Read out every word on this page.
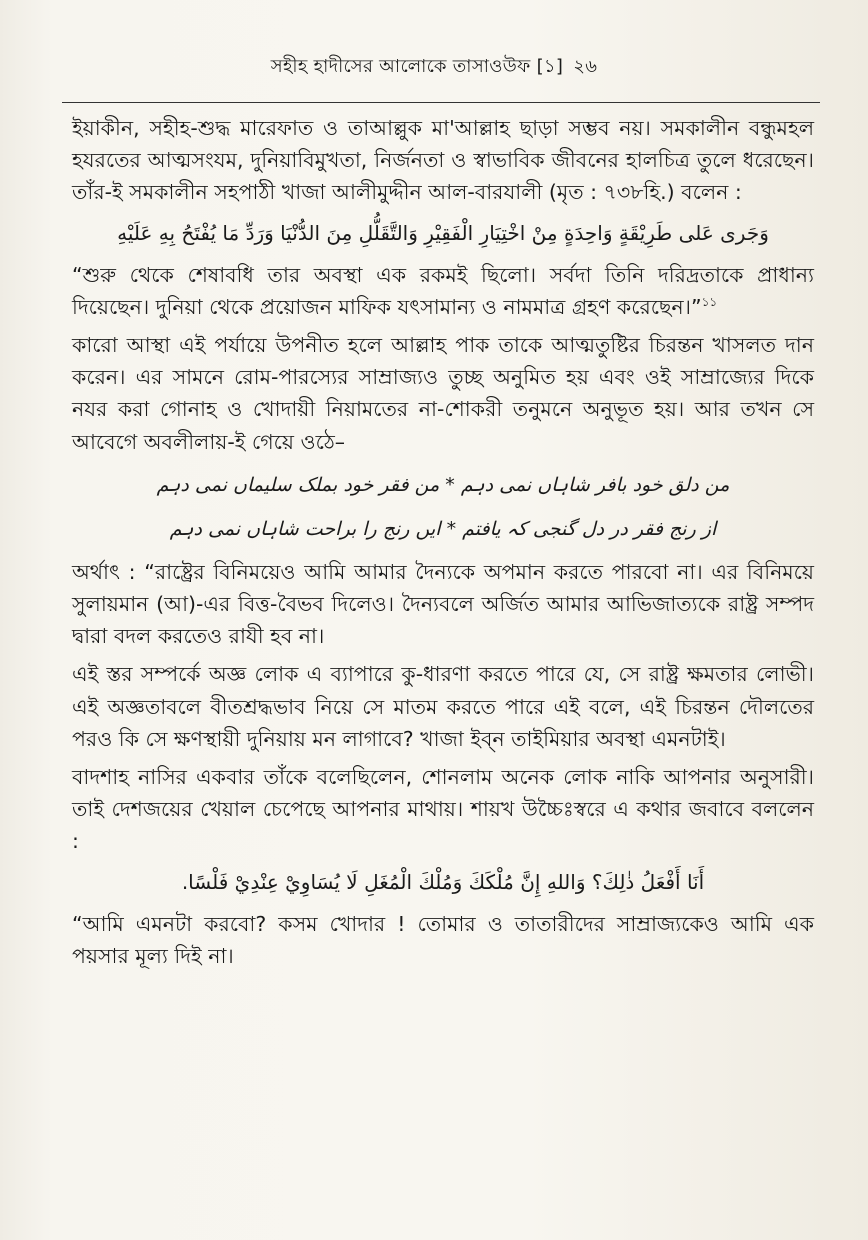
সহীহ হাদীসের আলোকে তাসাওউফ [১] ২৬

ইয়াকীন, সহীহ-শুদ্ধ মারেফাত ও তাআল্লুক মা'আল্লাহ ছাড়া সম্ভব নয়। সমকালীন বন্ধুমহল হযরতের আত্মসংযম, দুনিয়াবিমুখতা, নির্জনতা ও স্বাভাবিক জীবনের হালচিত্র তুলে ধরেছেন। তাঁর-ই সমকালীন সহপাঠী খাজা আলীমুদ্দীন আল-বারযালী (মৃত : ৭৩৮হি.) বলেন :

وَجَرى عَلى طَرِيْقَةٍ وَاحِدَةٍ مِنْ اخْتِيَارِ الْفَقِيْرِ وَالتَّقَلُّلِ مِنَ الدُّنْيَا وَرَدِّ مَا يُفْتَحُ بِهِ عَلَيْهِ

“শুরু থেকে শেষাবধি তার অবস্থা এক রকমই ছিলো। সর্বদা তিনি দরিদ্রতাকে প্রাধান্য দিয়েছেন। দুনিয়া থেকে প্রয়োজন মাফিক যৎসামান্য ও নামমাত্র গ্রহণ করেছেন।”$^{১১}$

কারো আস্থা এই পর্যায়ে উপনীত হলে আল্লাহ পাক তাকে আত্মতুষ্টির চিরন্তন খাসলত দান করেন। এর সামনে রোম-পারস্যের সাম্রাজ্যও তুচ্ছ অনুমিত হয় এবং ওই সাম্রাজ্যের দিকে নযর করা গোনাহ ও খোদায়ী নিয়ামতের না-শোকরী তনুমনে অনুভূত হয়। আর তখন সে আবেগে অবলীলায়-ই গেয়ে ওঠে–

من دلق خود بافر شاہاں نمی دہم * من فقر خود بملک سلیماں نمی دہم
از رنج فقر در دل گنجی کہ یافتم * ایں رنج را براحت شاہاں نمی دہم

অর্থাৎ : “রাষ্ট্রের বিনিময়েও আমি আমার দৈন্যকে অপমান করতে পারবো না। এর বিনিময়ে সুলায়মান (আ)-এর বিত্ত-বৈভব দিলেও। দৈন্যবলে অর্জিত আমার আভিজাত্যকে রাষ্ট্র সম্পদ দ্বারা বদল করতেও রাযী হব না।

এই স্তর সম্পর্কে অজ্ঞ লোক এ ব্যাপারে কু-ধারণা করতে পারে যে, সে রাষ্ট্র ক্ষমতার লোভী। এই অজ্ঞতাবলে বীতশ্রদ্ধভাব নিয়ে সে মাতম করতে পারে এই বলে, এই চিরন্তন দৌলতের পরও কি সে ক্ষণস্থায়ী দুনিয়ায় মন লাগাবে? খাজা ইব্ন তাইমিয়ার অবস্থা এমনটাই।

বাদশাহ নাসির একবার তাঁকে বলেছিলেন, শোনলাম অনেক লোক নাকি আপনার অনুসারী। তাই দেশজয়ের খেয়াল চেপেছে আপনার মাথায়। শায়খ উচ্চৈঃস্বরে এ কথার জবাবে বললেন :

أَنَا أَفْعَلُ ذٰلِكَ؟ وَاللهِ إِنَّ مُلْكَكَ وَمُلْكَ الْمُغَلِ لَا يُسَاوِيْ عِنْدِيْ فَلْسًا.

“আমি এমনটা করবো? কসম খোদার ! তোমার ও তাতারীদের সাম্রাজ্যকেও আমি এক পয়সার মূল্য দিই না।
